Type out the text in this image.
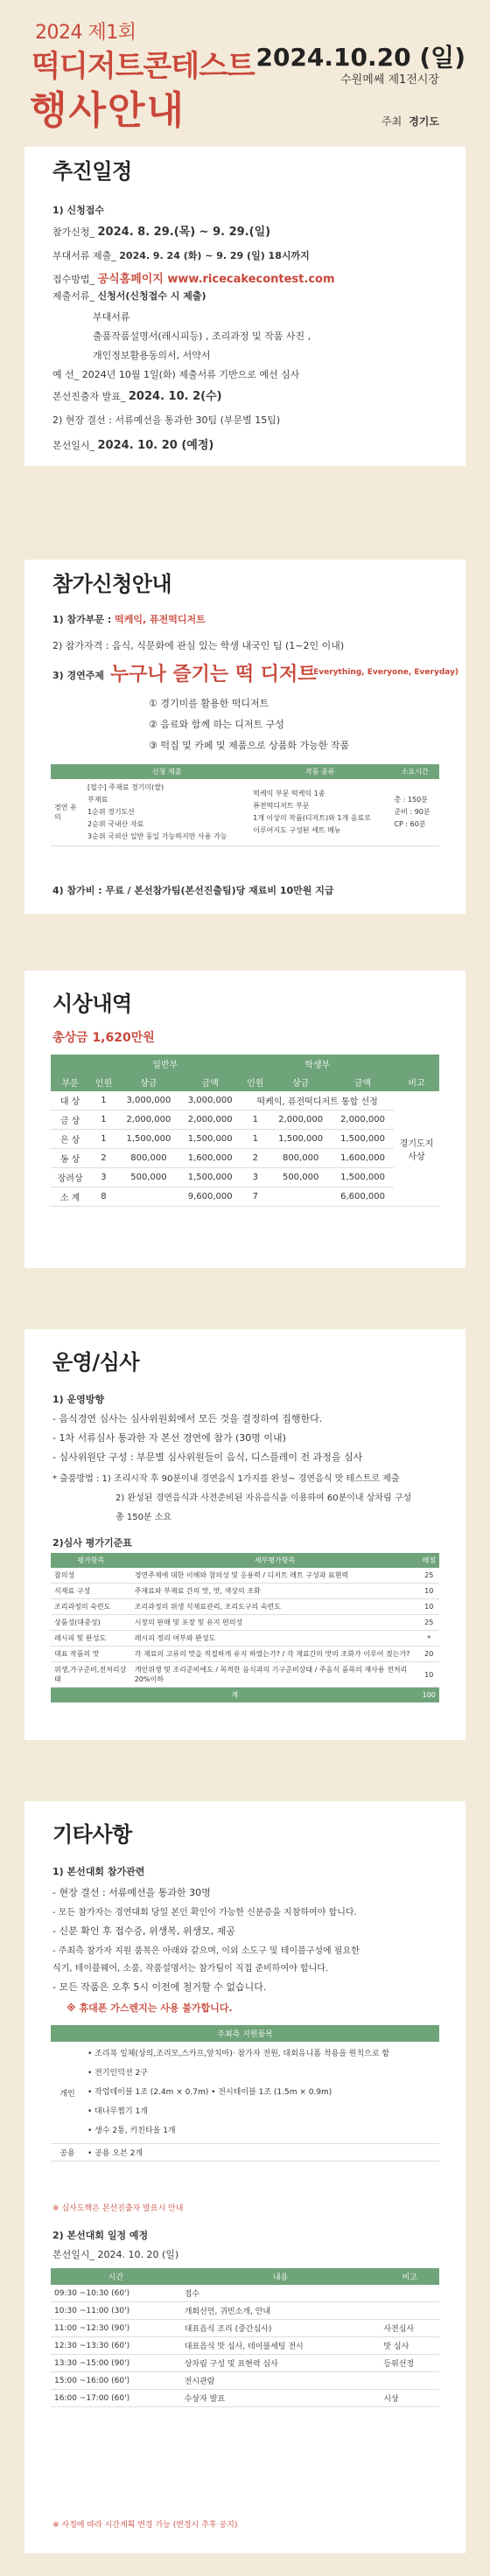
2024 제1회
떡디저트콘테스트
행사안내
2024.10.20 (일)
수원메쎄 제1전시장
주최 경기도
추진일정
1) 신청접수
참가신청_ 2024. 8. 29.(목) ~ 9. 29.(일)
부대서류 제출_ 2024. 9. 24 (화) ~ 9. 29 (일) 18시까지
접수방법_ 공식홈페이지 www.ricecakecontest.com
제출서류_ 신청서(신청접수 시 제출)
부대서류
출품작품설명서(레시피등) , 조리과정 및 작품 사진 ,
개인정보활용동의서, 서약서
예 선_ 2024년 10월 1일(화) 제출서류 기반으로 예선 심사
본선진출자 발표_ 2024. 10. 2(수)
2) 현장 결선 : 서류예선을 통과한 30팀 (부문별 15팀)
본선일시_ 2024. 10. 20 (예정)
참가신청안내
1) 참가부문 : 떡케익, 퓨전떡디저트
2) 참가자격 : 음식, 식문화에 관심 있는 학생 내국인 팀 (1~2인 이내)
3) 경연주제 누구나 즐기는 떡 디저트
(Everything, Everyone, Everyday)
① 경기미를 활용한 떡디저트
② 음료와 함께 하는 디저트 구성
③ 떡집 및 카페 및 제품으로 상품화 가능한 작품
	신청 제출	작품 종류	소요시간
경연 유의	[필수] 주재료 경기미(쌀)
부재료
1순위 경기도산
2순위 국내산 자료
3순위 국외산 일반 동일 가능하지만 사용 가능	떡케익 부문 떡케익 1종
퓨전떡디저트 부문
1개 이상의 작품(디저트)와 1개 음료로
이루어지도 구성된 세트 메뉴	총 : 150분
준비 : 90분
CP : 60분
4) 참가비 : 무료 / 본선참가팀(본선진출팀)당 재료비 10만원 지급
시상내역
총상금 1,620만원
	일반부			학생부			
부문	인원	상금	금액	인원	상금	금액	비고
대 상	1	3,000,000	3,000,000	떡케익, 퓨전떡디저트 통합 선정			경기도지사상
금 상	1	2,000,000	2,000,000	1	2,000,000	2,000,000	
은 상	1	1,500,000	1,500,000	1	1,500,000	1,500,000	
동 상	2	800,000	1,600,000	2	800,000	1,600,000	
장려상	3	500,000	1,500,000	3	500,000	1,500,000	
소 계	8		9,600,000	7		6,600,000	
운영/심사
1) 운영방향
- 음식경연 심사는 심사위원회에서 모든 것을 결정하여 집행한다.
- 1차 서류심사 통과한 자 본선 경연에 참가 (30명 이내)
- 심사위원단 구성 : 부문별 심사위원들이 음식, 디스플레이 전 과정을 심사
* 출품방법 : 1) 조리시작 후 90분이내 경연음식 1가지를 완성~ 경연음식 맛 테스트로 제출
2) 완성된 경연음식과 사전준비된 자유음식을 이용하여 60분이내 상차림 구성
총 150분 소요
2)심사 평가기준표
평가항목	세부평가항목	배점
참의성	경연주제에 대한 이해와 참의성 및 응용력 / 디저트 레트 구성과 표현력	25
식재료 구성	주재료와 부재료 간의 맛, 맛, 색상의 조화	10
조리과정의 숙련도	조리과정의 위생 식재료관리, 조리도구의 숙련도	10
상품성(대중성)	시장의 판매 및 포장 및 유지 편의성	25
레시피 및 완성도	레시피 정리 여부와 완성도	*
대표 작품의 맛	각 재료의 고유의 맛을 적절하게 유지 하였는가? / 각 재료간의 맛의 조화가 이루어 졌는가?	20
위생,가구준비,전처리상태	개인위생 및 조리준비에도 / 목적한 음식과의 기구준비상태 / 주음식 품목의 재사용 전처리 20%이하	10
계		100
기타사항
1) 본선대회 참가관련
- 현장 결선 : 서류예선을 통과한 30명
- 모든 참가자는 경연대회 당일 본인 확인이 가능한 신분증을 지참하여야 합니다.
- 신분 확인 후 접수증, 위생복, 위생모, 제공
- 주최측 참가자 지원 품목은 아래와 같으며, 이외 소도구 및 테이블구성에 필요한
식기, 테이블웨어, 소품, 작품설명서는 참가팀이 직접 준비하여야 합니다.
- 모든 작품은 오후 5시 이전에 철거할 수 없습니다.
※ 휴대폰 가스렌지는 사용 불가합니다.
주최측 지원품목	
개인	• 조리복 일체(상의,조리모,스카프,앞치마)· 참가자 전원, 대회유니폼 착용을 원칙으로 함
• 전기인덕션 2구
• 작업테이블 1조 (2.4m × 0.7m) • 전시테이블 1조 (1.5m × 0.9m)
• 대나무찜기 1개
• 생수 2통, 키친타올 1개

공용	• 공용 오븐 2개
※ 심사도핵은 본선진출자 발표시 안내
2) 본선대회 일정 예정
본선일시_ 2024. 10. 20 (일)
시간	내용	비고
09:30 ~10:30 (60')	접수	
10:30 ~11:00 (30')	개회선언, 귀빈소개, 안내	
11:00 ~12:30 (90')	대표음식 조리 (중간심사)	사전심사
12:30 ~13:30 (60')	대표음식 맛 심사, 테이블세팅 전시	맛 심사
13:30 ~15:00 (90')	상차림 구성 및 표현력 심사	등위선정
15:00 ~16:00 (60')	전시관람	
16:00 ~17:00 (60')	수상자 발표	시상
※ 사정에 따라 시간계획 변경 가능 (변경시 추후 공지)
